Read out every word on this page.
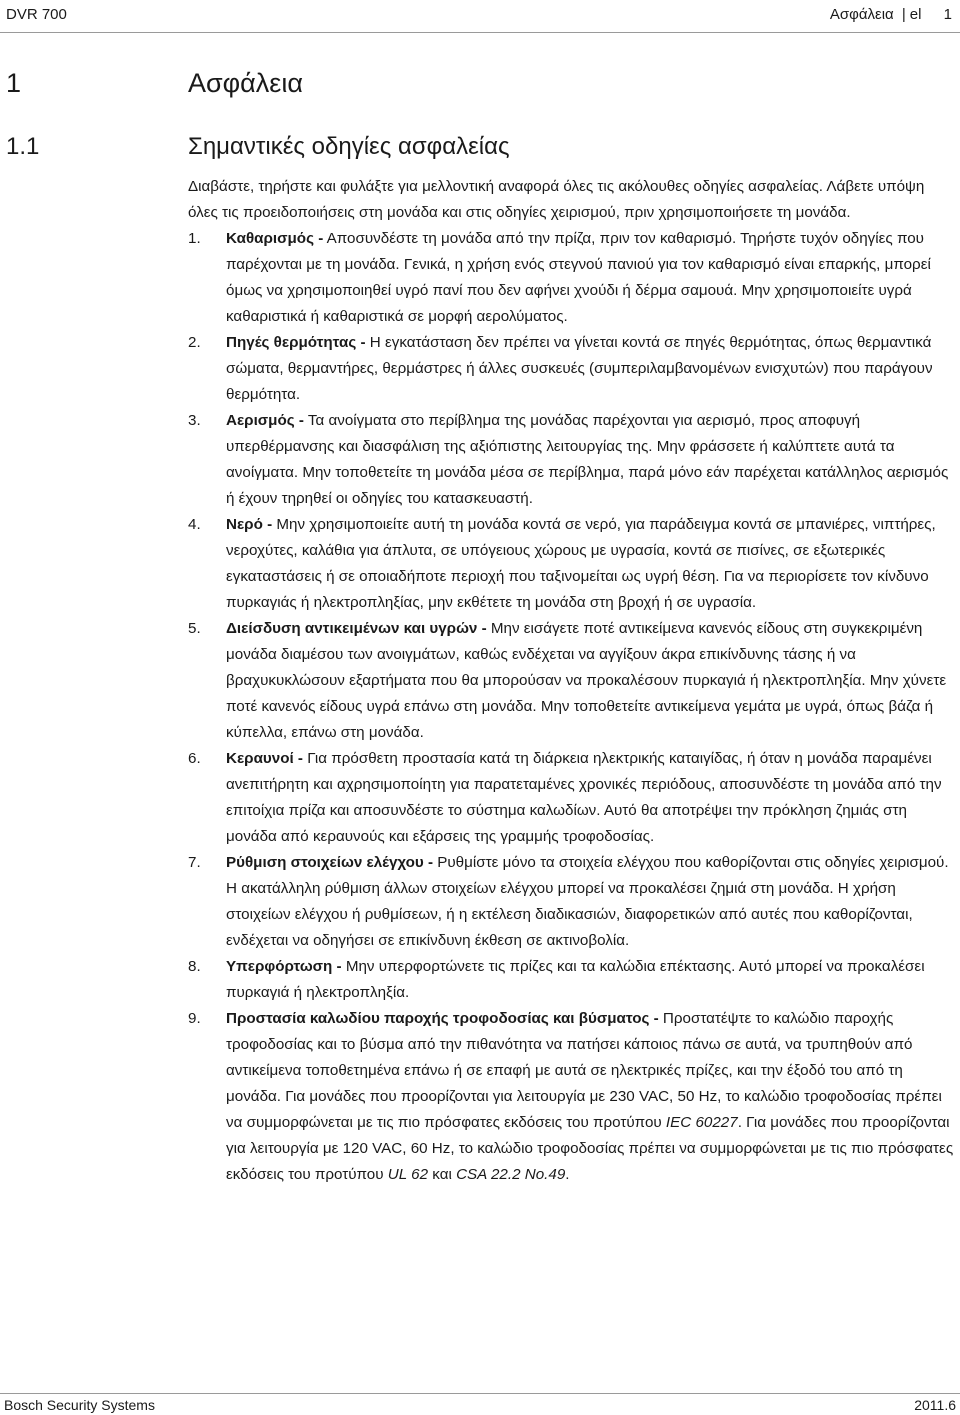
DVR 700	Ασφάλεια | el 1
1	Ασφάλεια
1.1	Σημαντικές οδηγίες ασφαλείας

Διαβάστε, τηρήστε και φυλάξτε για μελλοντική αναφορά όλες τις ακόλουθες οδηγίες ασφαλείας. Λάβετε υπόψη όλες τις προειδοποιήσεις στη μονάδα και στις οδηγίες χειρισμού, πριν χρησιμοποιήσετε τη μονάδα.

1. Καθαρισμός - Αποσυνδέστε τη μονάδα από την πρίζα, πριν τον καθαρισμό. Τηρήστε τυχόν οδηγίες που παρέχονται με τη μονάδα. Γενικά, η χρήση ενός στεγνού πανιού για τον καθαρισμό είναι επαρκής, μπορεί όμως να χρησιμοποιηθεί υγρό πανί που δεν αφήνει χνούδι ή δέρμα σαμουά. Μην χρησιμοποιείτε υγρά καθαριστικά ή καθαριστικά σε μορφή αερολύματος.
2. Πηγές θερμότητας - Η εγκατάσταση δεν πρέπει να γίνεται κοντά σε πηγές θερμότητας, όπως θερμαντικά σώματα, θερμαντήρες, θερμάστρες ή άλλες συσκευές (συμπεριλαμβανομένων ενισχυτών) που παράγουν θερμότητα.
3. Αερισμός - Τα ανοίγματα στο περίβλημα της μονάδας παρέχονται για αερισμό, προς αποφυγή υπερθέρμανσης και διασφάλιση της αξιόπιστης λειτουργίας της. Μην φράσσετε ή καλύπτετε αυτά τα ανοίγματα. Μην τοποθετείτε τη μονάδα μέσα σε περίβλημα, παρά μόνο εάν παρέχεται κατάλληλος αερισμός ή έχουν τηρηθεί οι οδηγίες του κατασκευαστή.
4. Νερό - Μην χρησιμοποιείτε αυτή τη μονάδα κοντά σε νερό, για παράδειγμα κοντά σε μπανιέρες, νιπτήρες, νεροχύτες, καλάθια για άπλυτα, σε υπόγειους χώρους με υγρασία, κοντά σε πισίνες, σε εξωτερικές εγκαταστάσεις ή σε οποιαδήποτε περιοχή που ταξινομείται ως υγρή θέση. Για να περιορίσετε τον κίνδυνο πυρκαγιάς ή ηλεκτροπληξίας, μην εκθέτετε τη μονάδα στη βροχή ή σε υγρασία.
5. Διείσδυση αντικειμένων και υγρών - Μην εισάγετε ποτέ αντικείμενα κανενός είδους στη συγκεκριμένη μονάδα διαμέσου των ανοιγμάτων, καθώς ενδέχεται να αγγίξουν άκρα επικίνδυνης τάσης ή να βραχυκυκλώσουν εξαρτήματα που θα μπορούσαν να προκαλέσουν πυρκαγιά ή ηλεκτροπληξία. Μην χύνετε ποτέ κανενός είδους υγρά επάνω στη μονάδα. Μην τοποθετείτε αντικείμενα γεμάτα με υγρά, όπως βάζα ή κύπελλα, επάνω στη μονάδα.
6. Κεραυνοί - Για πρόσθετη προστασία κατά τη διάρκεια ηλεκτρικής καταιγίδας, ή όταν η μονάδα παραμένει ανεπιτήρητη και αχρησιμοποίητη για παρατεταμένες χρονικές περιόδους, αποσυνδέστε τη μονάδα από την επιτοίχια πρίζα και αποσυνδέστε το σύστημα καλωδίων. Αυτό θα αποτρέψει την πρόκληση ζημιάς στη μονάδα από κεραυνούς και εξάρσεις της γραμμής τροφοδοσίας.
7. Ρύθμιση στοιχείων ελέγχου - Ρυθμίστε μόνο τα στοιχεία ελέγχου που καθορίζονται στις οδηγίες χειρισμού. Η ακατάλληλη ρύθμιση άλλων στοιχείων ελέγχου μπορεί να προκαλέσει ζημιά στη μονάδα. Η χρήση στοιχείων ελέγχου ή ρυθμίσεων, ή η εκτέλεση διαδικασιών, διαφορετικών από αυτές που καθορίζονται, ενδέχεται να οδηγήσει σε επικίνδυνη έκθεση σε ακτινοβολία.
8. Υπερφόρτωση - Μην υπερφορτώνετε τις πρίζες και τα καλώδια επέκτασης. Αυτό μπορεί να προκαλέσει πυρκαγιά ή ηλεκτροπληξία.
9. Προστασία καλωδίου παροχής τροφοδοσίας και βύσματος - Προστατέψτε το καλώδιο παροχής τροφοδοσίας και το βύσμα από την πιθανότητα να πατήσει κάποιος πάνω σε αυτά, να τρυπηθούν από αντικείμενα τοποθετημένα επάνω ή σε επαφή με αυτά σε ηλεκτρικές πρίζες, και την έξοδό του από τη μονάδα. Για μονάδες που προορίζονται για λειτουργία με 230 VAC, 50 Hz, το καλώδιο τροφοδοσίας πρέπει να συμμορφώνεται με τις πιο πρόσφατες εκδόσεις του προτύπου IEC 60227. Για μονάδες που προορίζονται για λειτουργία με 120 VAC, 60 Hz, το καλώδιο τροφοδοσίας πρέπει να συμμορφώνεται με τις πιο πρόσφατες εκδόσεις του προτύπου UL 62 και CSA 22.2 No.49.
Bosch Security Systems	2011.6
